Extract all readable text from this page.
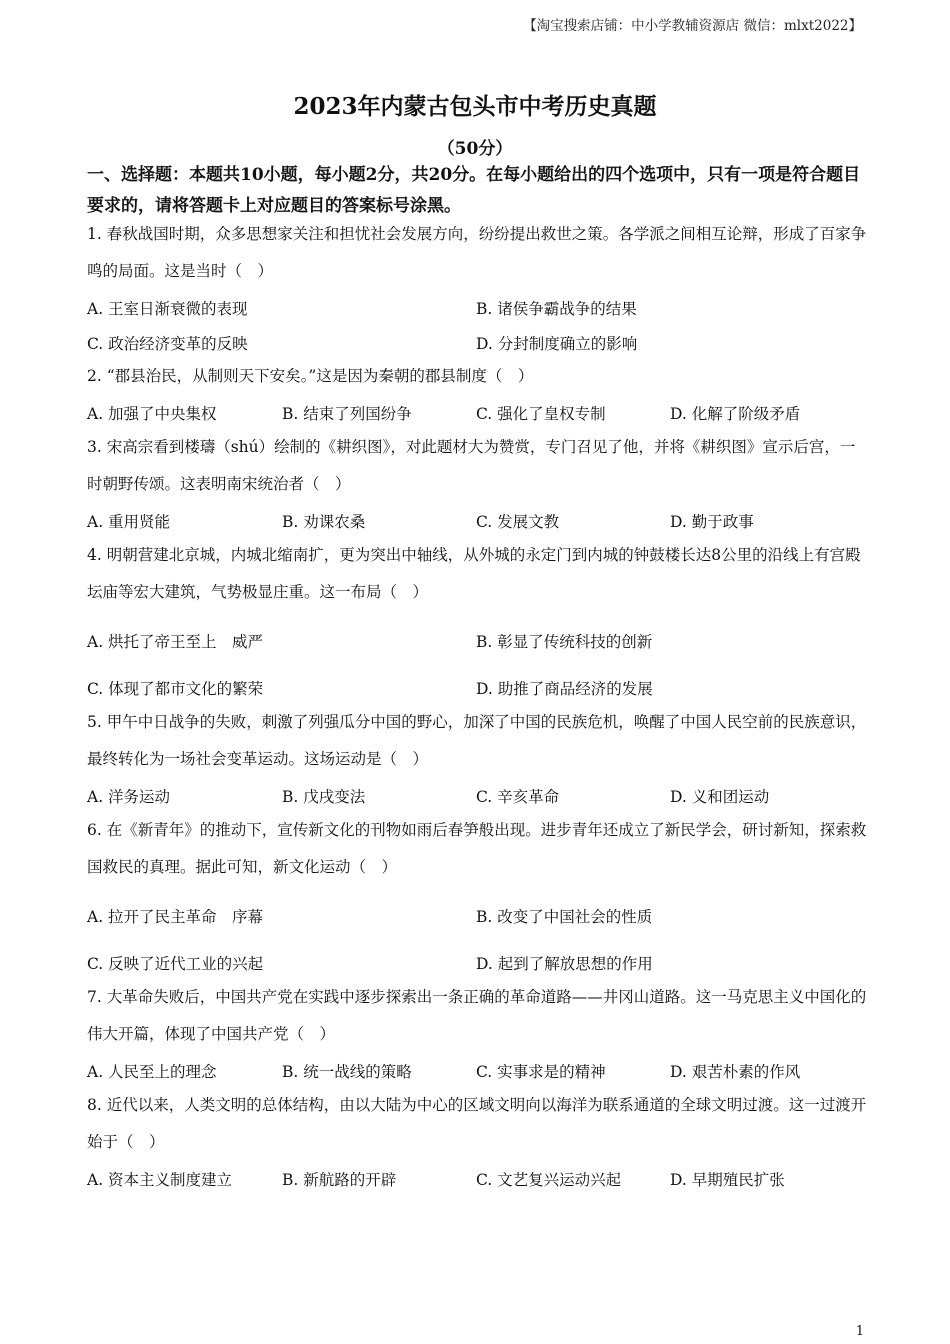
【淘宝搜索店铺：中小学教辅资源店 微信：mlxt2022】
2023年内蒙古包头市中考历史真题
（50分）
一、选择题：本题共10小题，每小题2分，共20分。在每小题给出的四个选项中，只有一项是符合题目要求的，请将答题卡上对应题目的答案标号涂黑。
1. 春秋战国时期，众多思想家关注和担忧社会发展方向，纷纷提出救世之策。各学派之间相互论辩，形成了百家争鸣的局面。这是当时（　）
A. 王室日渐衰微的表现	B. 诸侯争霸战争的结果
C. 政治经济变革的反映	D. 分封制度确立的影响
2. “郡县治民，从制则天下安矣。”这是因为秦朝的郡县制度（　）
A. 加强了中央集权	B. 结束了列国纷争	C. 强化了皇权专制	D. 化解了阶级矛盾
3. 宋高宗看到楼璹（shú）绘制的《耕织图》，对此题材大为赞赏，专门召见了他，并将《耕织图》宣示后宫，一时朝野传颂。这表明南宋统治者（　）
A. 重用贤能	B. 劝课农桑	C. 发展文教	D. 勤于政事
4. 明朝营建北京城，内城北缩南扩，更为突出中轴线，从外城的永定门到内城的钟鼓楼长达8公里的沿线上有宫殿坛庙等宏大建筑，气势极显庄重。这一布局（　）
A. 烘托了帝王至上　威严	B. 彰显了传统科技的创新
C. 体现了都市文化的繁荣	D. 助推了商品经济的发展
5. 甲午中日战争的失败，刺激了列强瓜分中国的野心，加深了中国的民族危机，唤醒了中国人民空前的民族意识，最终转化为一场社会变革运动。这场运动是（　）
A. 洋务运动	B. 戊戌变法	C. 辛亥革命	D. 义和团运动
6. 在《新青年》的推动下，宣传新文化的刊物如雨后春笋般出现。进步青年还成立了新民学会，研讨新知，探索救国救民的真理。据此可知，新文化运动（　）
A. 拉开了民主革命　序幕	B. 改变了中国社会的性质
C. 反映了近代工业的兴起	D. 起到了解放思想的作用
7. 大革命失败后，中国共产党在实践中逐步探索出一条正确的革命道路——井冈山道路。这一马克思主义中国化的伟大开篇，体现了中国共产党（　）
A. 人民至上的理念	B. 统一战线的策略	C. 实事求是的精神	D. 艰苦朴素的作风
8. 近代以来，人类文明的总体结构，由以大陆为中心的区域文明向以海洋为联系通道的全球文明过渡。这一过渡开始于（　）
A. 资本主义制度建立	B. 新航路的开辟	C. 文艺复兴运动兴起	D. 早期殖民扩张
1
